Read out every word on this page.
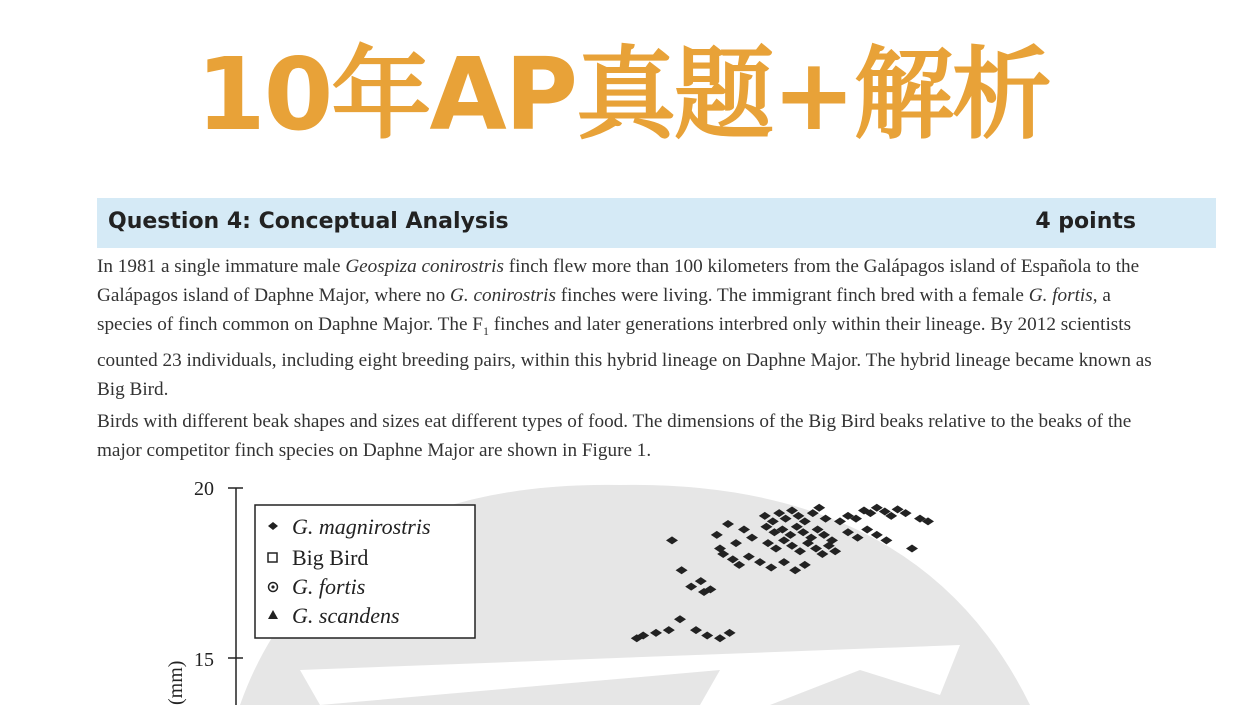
10年AP真题+解析
Question 4: Conceptual Analysis	4 points

In 1981 a single immature male Geospiza conirostris finch flew more than 100 kilometers from the Galápagos island of Española to the Galápagos island of Daphne Major, where no G. conirostris finches were living. The immigrant finch bred with a female G. fortis, a species of finch common on Daphne Major. The $F_1$ finches and later generations interbred only within their lineage. By 2012 scientists counted 23 individuals, including eight breeding pairs, within this hybrid lineage on Daphne Major. The hybrid lineage became known as Big Bird.

Birds with different beak shapes and sizes eat different types of food. The dimensions of the Big Bird beaks relative to the beaks of the major competitor finch species on Daphne Major are shown in Figure 1.

20
15
(mm)
G. magnirostris
Big Bird
G. fortis
G. scandens
